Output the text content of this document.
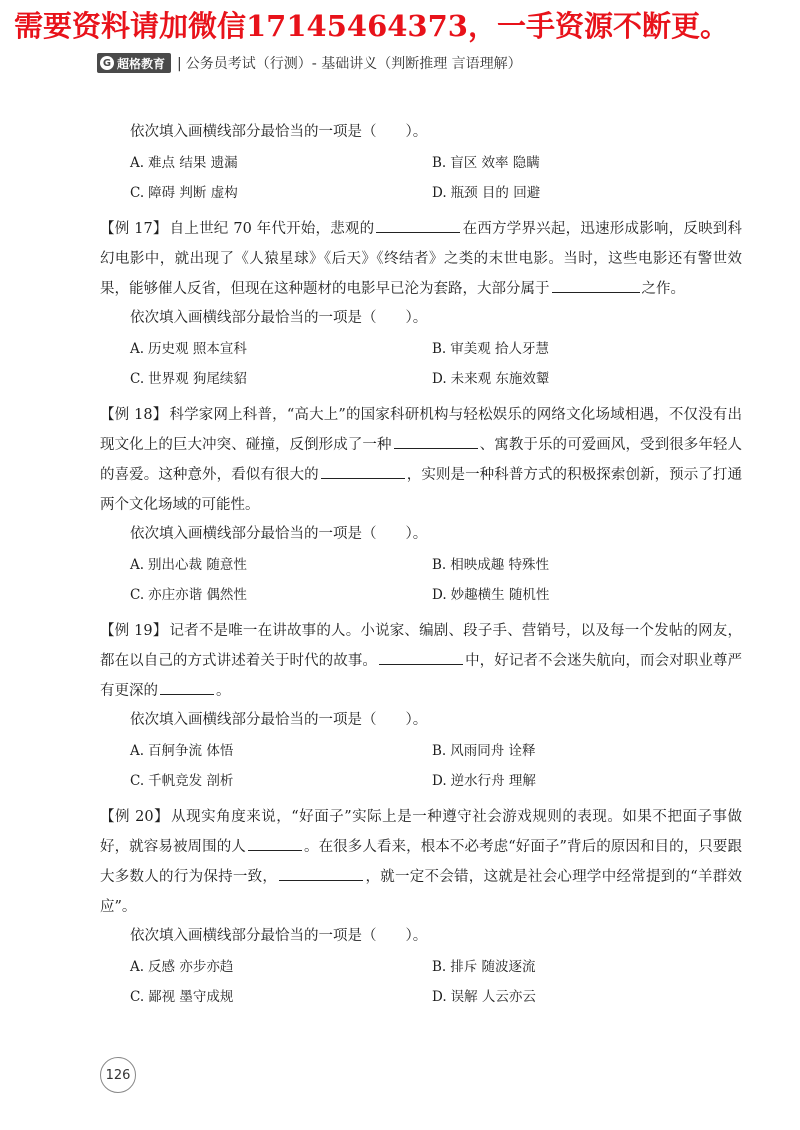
需要资料请加微信17145464373，一手资源不断更。
G 超格教育 | 公务员考试（行测）- 基础讲义（判断推理 言语理解）
依次填入画横线部分最恰当的一项是（　　）。
A. 难点 结果 遗漏	B. 盲区 效率 隐瞒
C. 障碍 判断 虚构	D. 瓶颈 目的 回避
【例 17】 自上世纪 70 年代开始，悲观的	在西方学界兴起，迅速形成影响，反映到科幻电影中，就出现了《人猿星球》《后天》《终结者》之类的末世电影。当时，这些电影还有警世效果，能够催人反省，但现在这种题材的电影早已沦为套路，大部分属于	之作。
依次填入画横线部分最恰当的一项是（　　）。
A. 历史观 照本宣科	B. 审美观 拾人牙慧
C. 世界观 狗尾续貂	D. 未来观 东施效颦
【例 18】 科学家网上科普，“高大上”的国家科研机构与轻松娱乐的网络文化场域相遇，不仅没有出现文化上的巨大冲突、碰撞，反倒形成了一种	、寓教于乐的可爱画风，受到很多年轻人的喜爱。这种意外，看似有很大的	，实则是一种科普方式的积极探索创新，预示了打通两个文化场域的可能性。
依次填入画横线部分最恰当的一项是（　　）。
A. 别出心裁 随意性	B. 相映成趣 特殊性
C. 亦庄亦谐 偶然性	D. 妙趣横生 随机性
【例 19】 记者不是唯一在讲故事的人。小说家、编剧、段子手、营销号，以及每一个发帖的网友，都在以自己的方式讲述着关于时代的故事。	中，好记者不会迷失航向，而会对职业尊严有更深的	。
依次填入画横线部分最恰当的一项是（　　）。
A. 百舸争流 体悟	B. 风雨同舟 诠释
C. 千帆竞发 剖析	D. 逆水行舟 理解
【例 20】 从现实角度来说，“好面子”实际上是一种遵守社会游戏规则的表现。如果不把面子事做好，就容易被周围的人	。在很多人看来，根本不必考虑“好面子”背后的原因和目的，只要跟大多数人的行为保持一致，	，就一定不会错，这就是社会心理学中经常提到的“羊群效应”。
依次填入画横线部分最恰当的一项是（　　）。
A. 反感 亦步亦趋	B. 排斥 随波逐流
C. 鄙视 墨守成规	D. 误解 人云亦云
126
